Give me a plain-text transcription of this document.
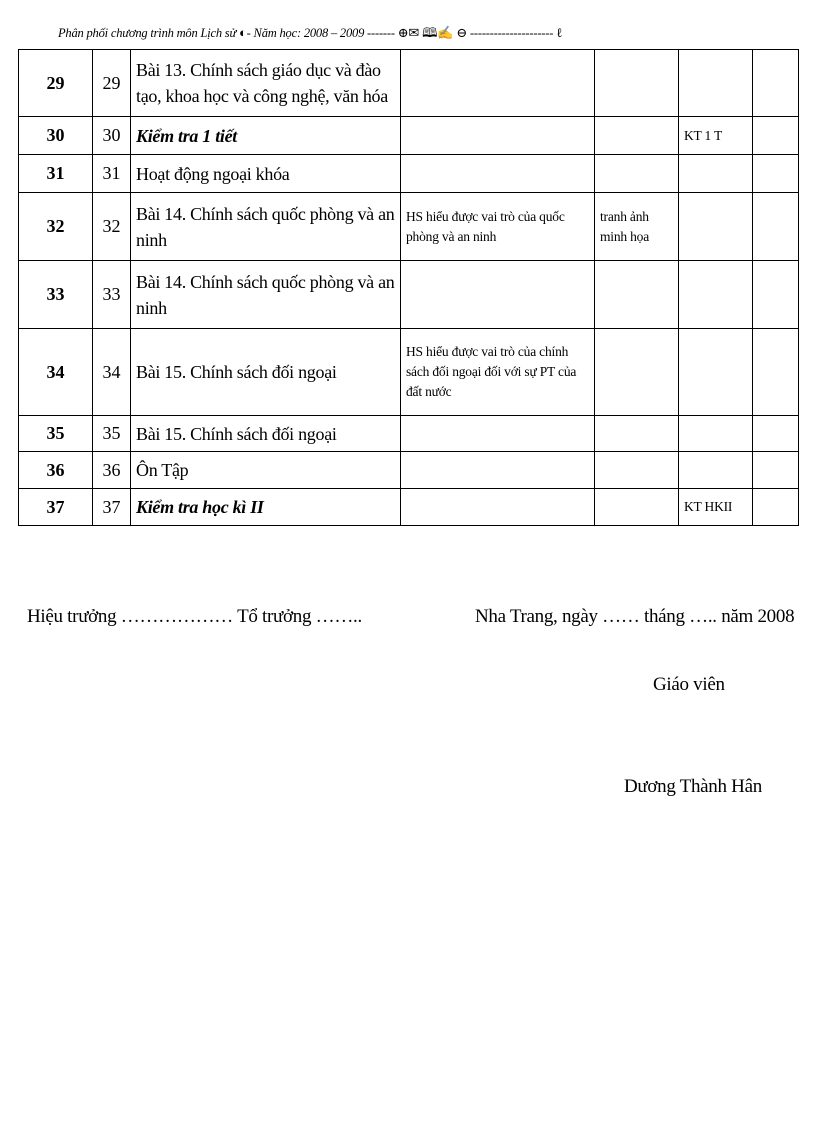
Phân phối chương trình môn Lịch sử ◐- Năm học: 2008 – 2009 ------- ⊕✉ 🕮✍ ⊖ --------------------- ℓ
29	29	Bài 13. Chính sách giáo dục và đào tạo, khoa học và công nghệ, văn hóa				
30	30	Kiểm tra 1 tiết			KT 1 T	
31	31	Hoạt động ngoại khóa				
32	32	Bài 14. Chính sách quốc phòng và an ninh	HS hiểu được vai trò của quốc phòng và an ninh	tranh ảnh minh họa		
33	33	Bài 14. Chính sách quốc phòng và an ninh				
34	34	Bài 15. Chính sách đối ngoại	HS hiểu được vai trò của chính sách đối ngoại đối với sự PT của đất nước			
35	35	Bài 15. Chính sách đối ngoại				
36	36	Ôn Tập				
37	37	Kiểm tra học kì II			KT HKII	
Hiệu trưởng ……………… Tổ trưởng ……..	Nha Trang, ngày …… tháng ….. năm 2008
Giáo viên
Dương Thành Hân
